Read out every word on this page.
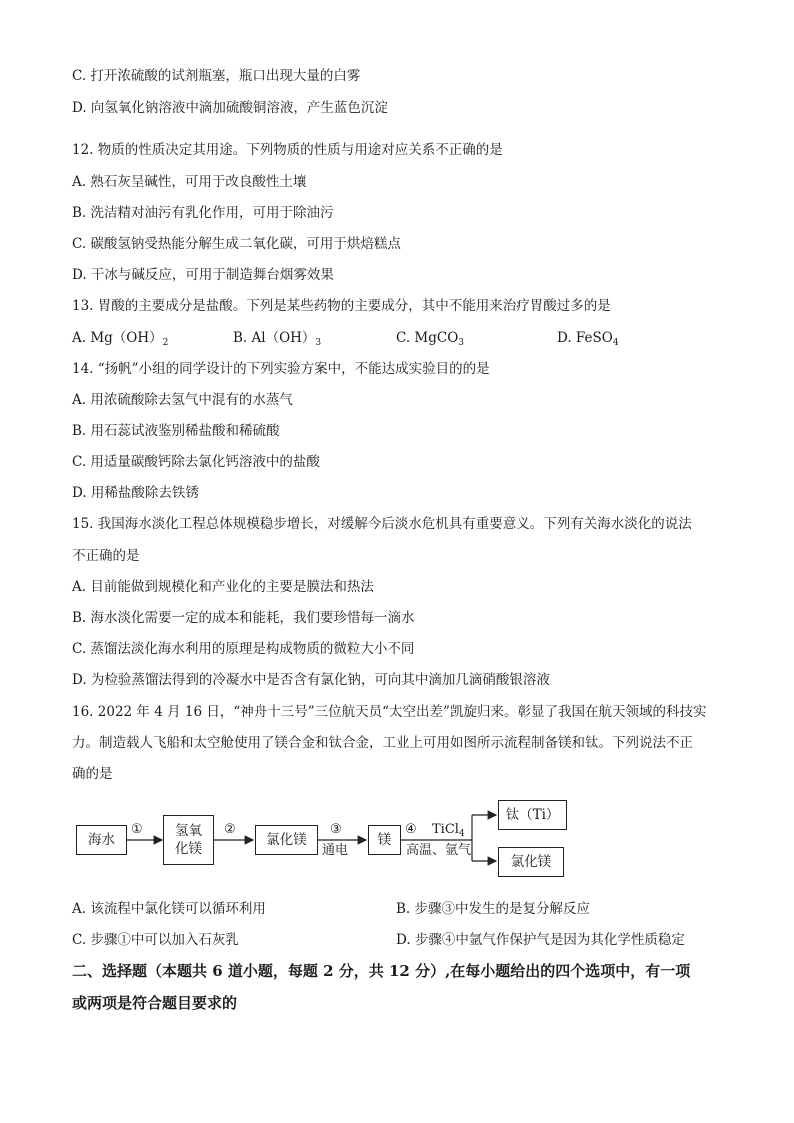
C. 打开浓硫酸的试剂瓶塞，瓶口出现大量的白雾
D. 向氢氧化钠溶液中滴加硫酸铜溶液，产生蓝色沉淀
12. 物质的性质决定其用途。下列物质的性质与用途对应关系不正确的是
A. 熟石灰呈碱性，可用于改良酸性土壤
B. 洗洁精对油污有乳化作用，可用于除油污
C. 碳酸氢钠受热能分解生成二氧化碳，可用于烘焙糕点
D. 干冰与碱反应，可用于制造舞台烟雾效果
13. 胃酸的主要成分是盐酸。下列是某些药物的主要成分，其中不能用来治疗胃酸过多的是
A. $Mg(OH)_2$	B. $Al(OH)_3$	C. MgCO$_3$	D. FeSO$_4$
14. “扬帆”小组的同学设计的下列实验方案中，不能达成实验目的的是
A. 用浓硫酸除去氢气中混有的水蒸气
B. 用石蕊试液鉴别稀盐酸和稀硫酸
C. 用适量碳酸钙除去氯化钙溶液中的盐酸
D. 用稀盐酸除去铁锈
15. 我国海水淡化工程总体规模稳步增长，对缓解今后淡水危机具有重要意义。下列有关海水淡化的说法
不正确的是
A. 目前能做到规模化和产业化的主要是膜法和热法
B. 海水淡化需要一定的成本和能耗，我们要珍惜每一滴水
C. 蒸馏法淡化海水利用的原理是构成物质的微粒大小不同
D. 为检验蒸馏法得到的冷凝水中是否含有氯化钠，可向其中滴加几滴硝酸银溶液
16. 2022 年 4 月 16 日，“神舟十三号”三位航天员“太空出差”凯旋归来。彰显了我国在航天领域的科技实
力。制造载人飞船和太空舱使用了镁合金和钛合金，工业上可用如图所示流程制备镁和钛。下列说法不正
确的是
海水
氢氧
化镁
氯化镁	镁
钛（Ti）
氯化镁
①	②	③
通电
④ TiCl$_4$
高温、氩气
A. 该流程中氯化镁可以循环利用	B. 步骤③中发生的是复分解反应
C. 步骤①中可以加入石灰乳	D. 步骤④中氩气作保护气是因为其化学性质稳定
二、选择题（本题共 6 道小题，每题 2 分，共 12 分）,在每小题给出的四个选项中，有一项
或两项是符合题目要求的
